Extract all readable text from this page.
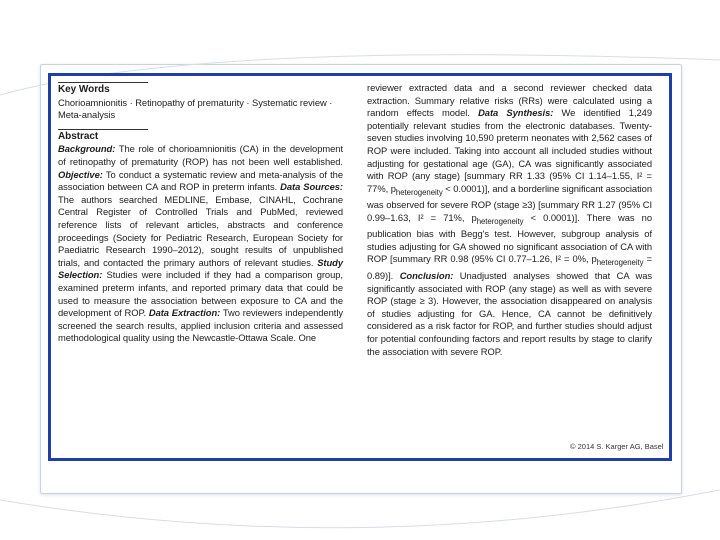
Key Words

Chorioamnionitis · Retinopathy of prematurity · Systematic review · Meta-analysis

Abstract

Background: The role of chorioamnionitis (CA) in the development of retinopathy of prematurity (ROP) has not been well established. Objective: To conduct a systematic review and meta-analysis of the association between CA and ROP in preterm infants. Data Sources: The authors searched MEDLINE, Embase, CINAHL, Cochrane Central Register of Controlled Trials and PubMed, reviewed reference lists of relevant articles, abstracts and conference proceedings (Society for Pediatric Research, European Society for Paediatric Research 1990–2012), sought results of unpublished trials, and contacted the primary authors of relevant studies. Study Selection: Studies were included if they had a comparison group, examined preterm infants, and reported primary data that could be used to measure the association between exposure to CA and the development of ROP. Data Extraction: Two reviewers independently screened the search results, applied inclusion criteria and assessed methodological quality using the Newcastle-Ottawa Scale. One

reviewer extracted data and a second reviewer checked data extraction. Summary relative risks (RRs) were calculated using a random effects model. Data Synthesis: We identified 1,249 potentially relevant studies from the electronic databases. Twenty-seven studies involving 10,590 preterm neonates with 2,562 cases of ROP were included. Taking into account all included studies without adjusting for gestational age (GA), CA was significantly associated with ROP (any stage) [summary RR 1.33 (95% CI 1.14–1.55, I² = 77%, $p_{heterogeneity} < 0.0001$)], and a borderline significant association was observed for severe ROP (stage ≥3) [summary RR 1.27 (95% CI 0.99–1.63, I² = 71%, $p_{heterogeneity} < 0.0001$)]. There was no publication bias with Begg's test. However, subgroup analysis of studies adjusting for GA showed no significant association of CA with ROP [summary RR 0.98 (95% CI 0.77–1.26, I² = 0%, $p_{heterogeneity} = 0.89$)]. Conclusion: Unadjusted analyses showed that CA was significantly associated with ROP (any stage) as well as with severe ROP (stage ≥ 3). However, the association disappeared on analysis of studies adjusting for GA. Hence, CA cannot be definitively considered as a risk factor for ROP, and further studies should adjust for potential confounding factors and report results by stage to clarify the association with severe ROP.

© 2014 S. Karger AG, Basel
